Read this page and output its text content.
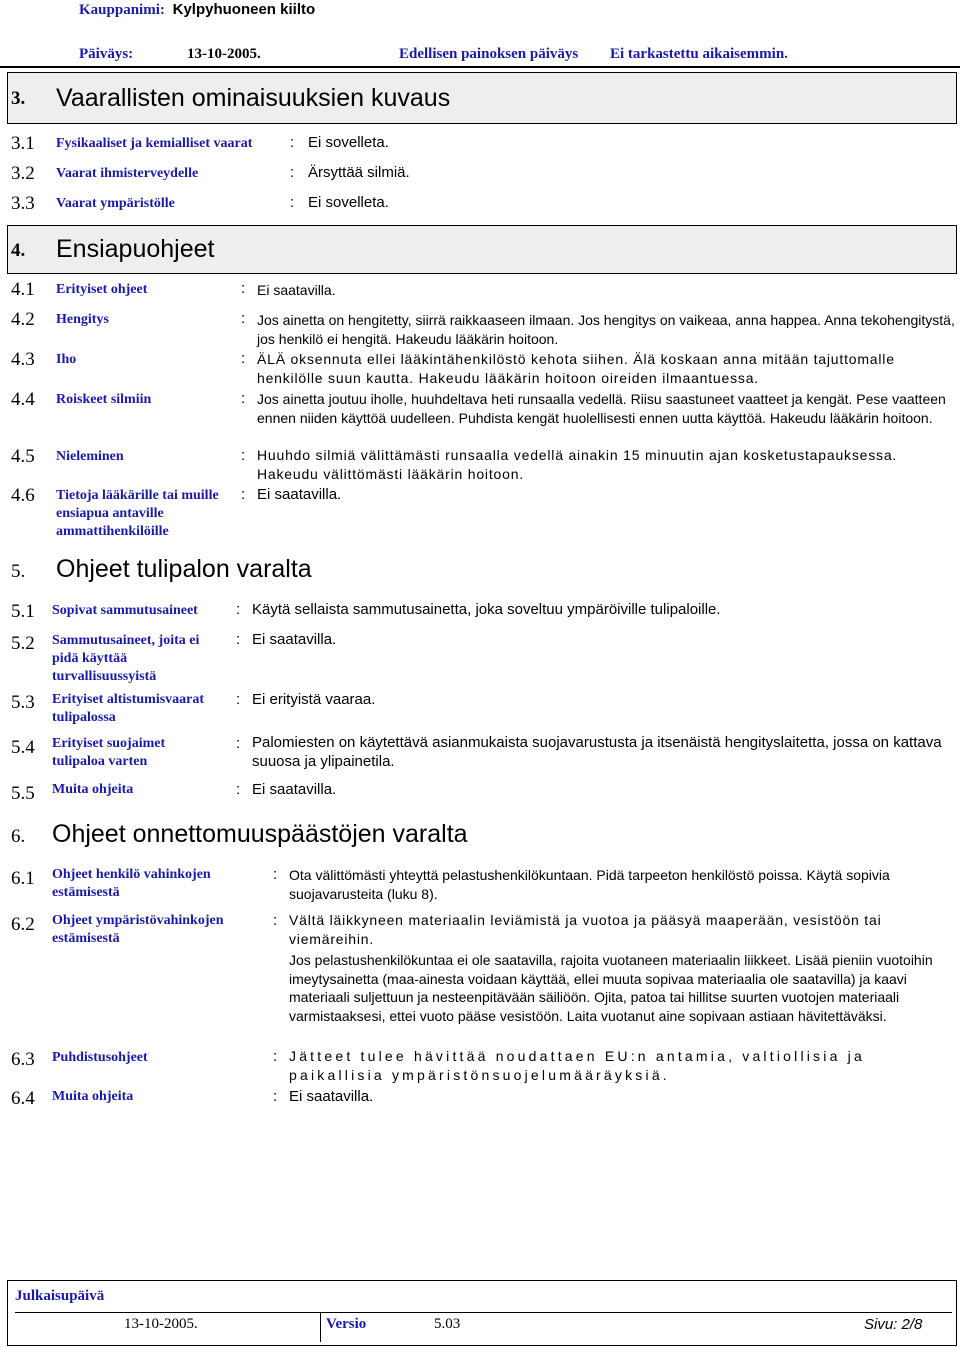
Kauppanimi: Kylpyhuoneen kiilto
Päiväys:	13-10-2005.	Edellisen painoksen päiväys Ei tarkastettu aikaisemmin.
3. Vaarallisten ominaisuuksien kuvaus
3.1 Fysikaaliset ja kemialliset vaarat	: Ei sovelleta.
3.2 Vaarat ihmisterveydelle	: Ärsyttää silmiä.
3.3 Vaarat ympäristölle	: Ei sovelleta.
4. Ensiapuohjeet
4.1 Erityiset ohjeet	: Ei saatavilla.
4.2 Hengitys	: Jos ainetta on hengitetty, siirrä raikkaaseen ilmaan. Jos hengitys on vaikeaa, anna happea. Anna tekohengitystä, jos henkilö ei hengitä. Hakeudu lääkärin hoitoon.
4.3 Iho	: ÄLÄ oksennuta ellei lääkintähenkilöstö kehota siihen. Älä koskaan anna mitään tajuttomalle henkilölle suun kautta. Hakeudu lääkärin hoitoon oireiden ilmaantuessa.
4.4 Roiskeet silmiin	: Jos ainetta joutuu iholle, huuhdeltava heti runsaalla vedellä. Riisu saastuneet vaatteet ja kengät. Pese vaatteen ennen niiden käyttöä uudelleen. Puhdista kengät huolellisesti ennen uutta käyttöä. Hakeudu lääkärin hoitoon.
4.5 Nieleminen	: Huuhdo silmiä välittämästi runsaalla vedellä ainakin 15 minuutin ajan kosketustapauksessa. Hakeudu välittömästi lääkärin hoitoon.
4.6 Tietoja lääkärille tai muille ensiapua antaville ammattihenkilöille
: Ei saatavilla.
5. Ohjeet tulipalon varalta
5.1 Sopivat sammutusaineet	: Käytä sellaista sammutusainetta, joka soveltuu ympäröiville tulipaloille.
5.2 Sammutusaineet, joita ei pidä käyttää turvallisuussyistä
: Ei saatavilla.
5.3 Erityiset altistumisvaarat tulipalossa
: Ei erityistä vaaraa.
5.4 Erityiset suojaimet tulipaloa varten
: Palomiesten on käytettävä asianmukaista suojavarustusta ja itsenäistä hengityslaitetta, jossa on kattava suuosa ja ylipainetila.
5.5 Muita ohjeita	: Ei saatavilla.
6. Ohjeet onnettomuuspäästöjen varalta
6.1 Ohjeet henkilö vahinkojen estämisestä
: Ota välittömästi yhteyttä pelastushenkilökuntaan. Pidä tarpeeton henkilöstö poissa. Käytä sopivia suojavarusteita (luku 8).
6.2 Ohjeet ympäristövahinkojen estämisestä
: Vältä läikkyneen materiaalin leviämistä ja vuotoa ja pääsyä maaperään, vesistöön tai viemäreihin.
Jos pelastushenkilökuntaa ei ole saatavilla, rajoita vuotaneen materiaalin liikkeet. Lisää pieniin vuotoihin imeytysainetta (maa-ainesta voidaan käyttää, ellei muuta sopivaa materiaalia ole saatavilla) ja kaavi materiaali suljettuun ja nesteenpitävään säiliöön. Ojita, patoa tai hillitse suurten vuotojen materiaali varmistaaksesi, ettei vuoto pääse vesistöön. Laita vuotanut aine sopivaan astiaan hävitettäväksi.
6.3 Puhdistusohjeet	: Jätteet tulee hävittää noudattaen EU:n antamia, valtiollisia ja paikallisia ympäristönsuojelumääräyksiä.
6.4 Muita ohjeita	: Ei saatavilla.
Julkaisupäivä
13-10-2005.	Versio	5.03	Sivu: 2/8
